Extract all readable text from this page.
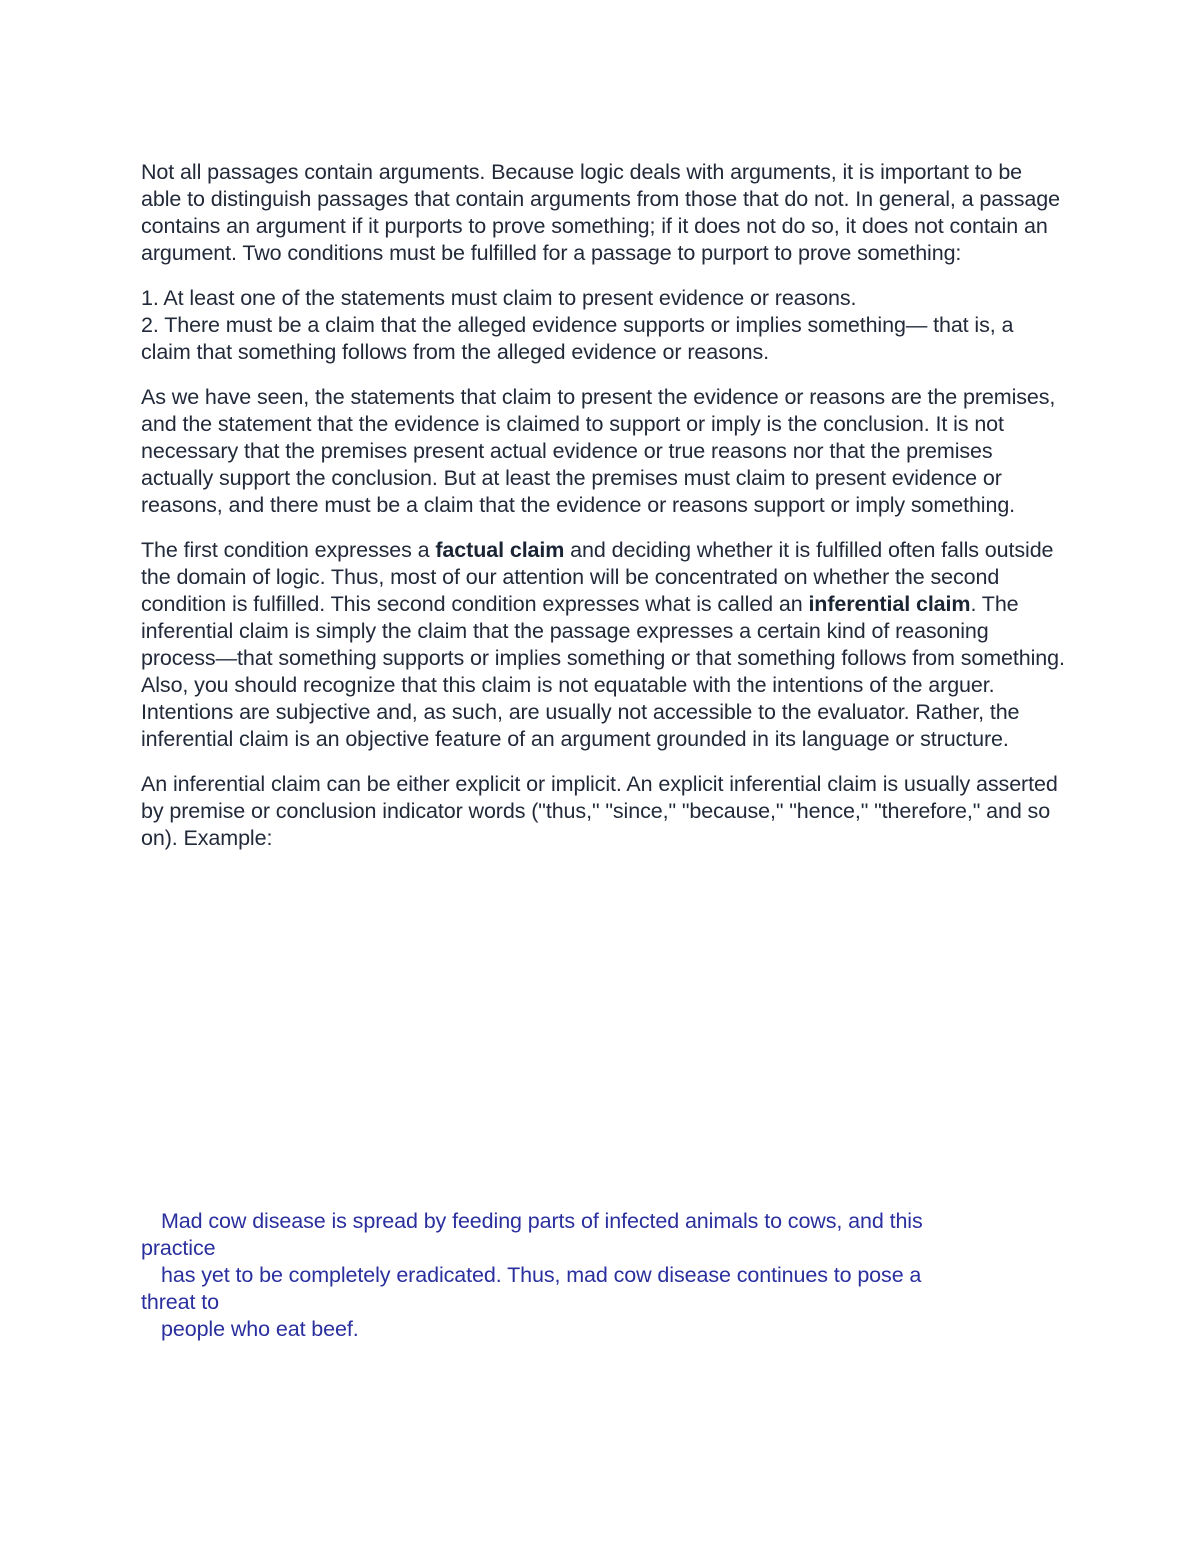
Not all passages contain arguments. Because logic deals with arguments, it is important to be able to distinguish passages that contain arguments from those that do not. In general, a passage contains an argument if it purports to prove something; if it does not do so, it does not contain an argument. Two conditions must be fulfilled for a passage to purport to prove something:

1. At least one of the statements must claim to present evidence or reasons.

2. There must be a claim that the alleged evidence supports or implies something— that is, a claim that something follows from the alleged evidence or reasons.

As we have seen, the statements that claim to present the evidence or reasons are the premises, and the statement that the evidence is claimed to support or imply is the conclusion. It is not necessary that the premises present actual evidence or true reasons nor that the premises actually support the conclusion. But at least the premises must claim to present evidence or reasons, and there must be a claim that the evidence or reasons support or imply something.

The first condition expresses a factual claim and deciding whether it is fulfilled often falls outside the domain of logic. Thus, most of our attention will be concentrated on whether the second condition is fulfilled. This second condition expresses what is called an inferential claim. The inferential claim is simply the claim that the passage expresses a certain kind of reasoning process—that something supports or implies something or that something follows from something. Also, you should recognize that this claim is not equatable with the intentions of the arguer. Intentions are subjective and, as such, are usually not accessible to the evaluator. Rather, the inferential claim is an objective feature of an argument grounded in its language or structure.

An inferential claim can be either explicit or implicit. An explicit inferential claim is usually asserted by premise or conclusion indicator words ("thus," "since," "because," "hence," "therefore," and so on). Example:

Mad cow disease is spread by feeding parts of infected animals to cows, and this

practice

has yet to be completely eradicated. Thus, mad cow disease continues to pose a

threat to

people who eat beef.
